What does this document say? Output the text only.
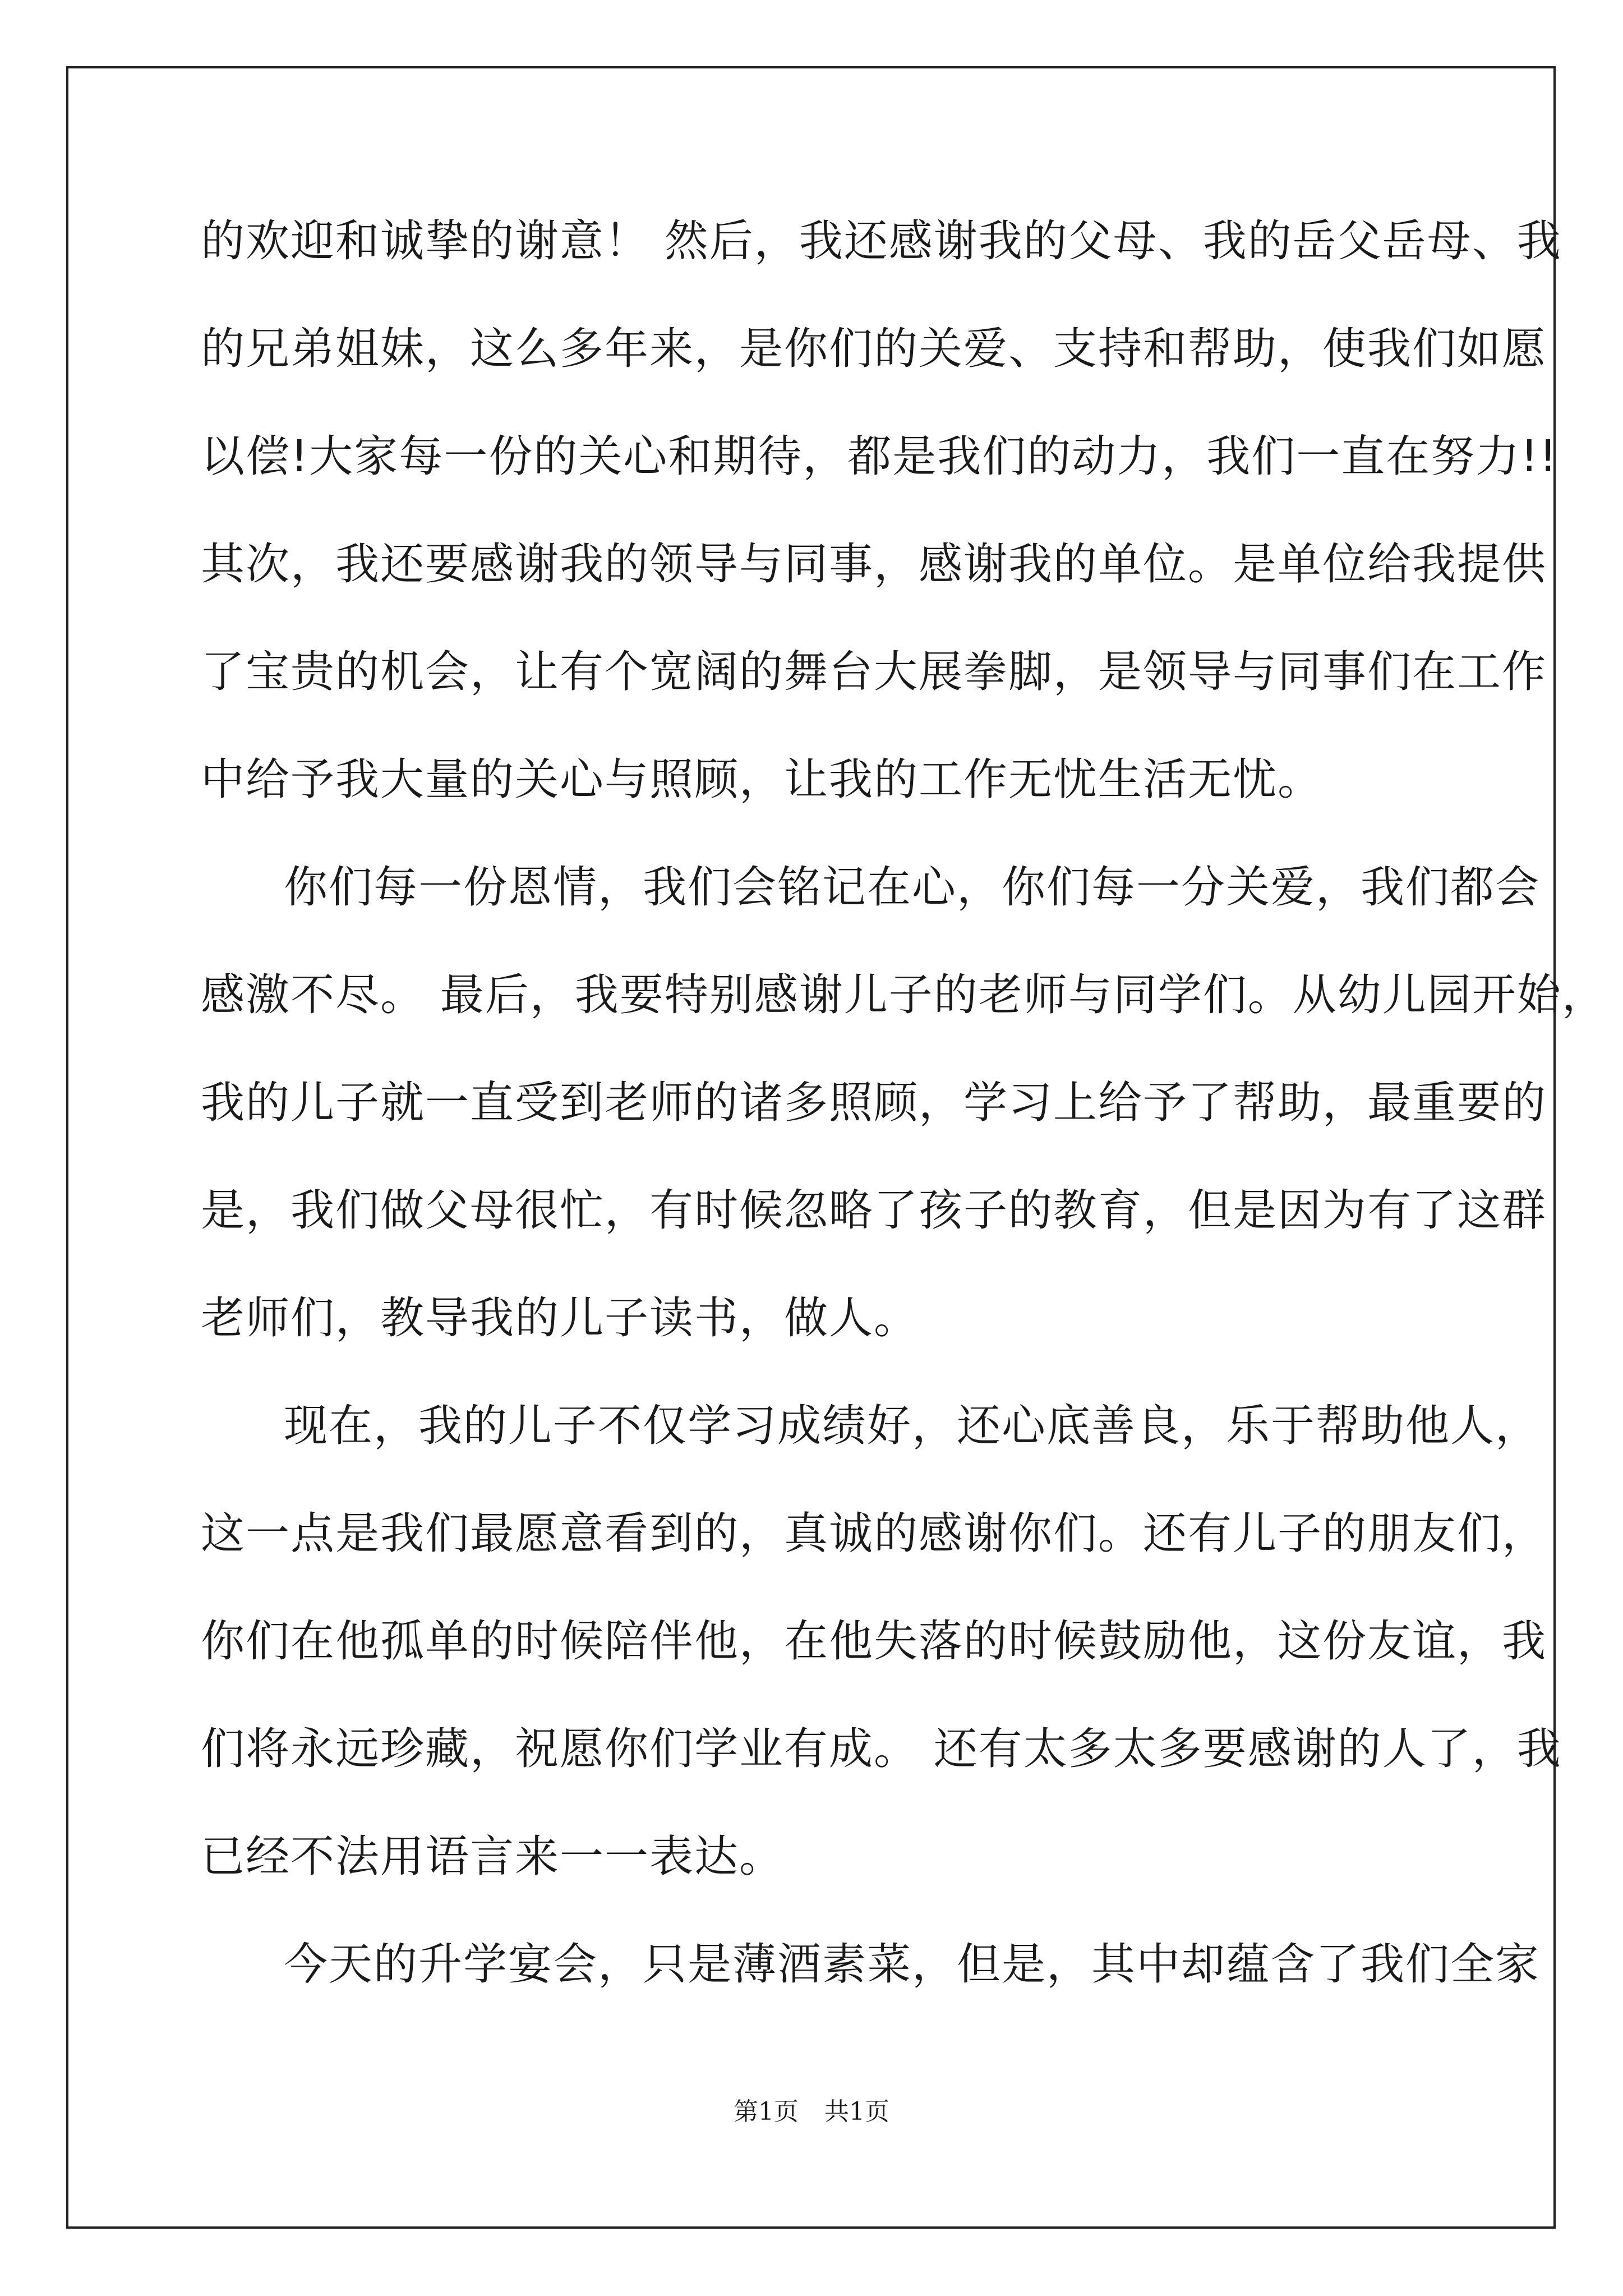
的欢迎和诚挚的谢意！ 然后，我还感谢我的父母、我的岳父岳母、我
的兄弟姐妹，这么多年来，是你们的关爱、支持和帮助，使我们如愿
以偿!大家每一份的关心和期待，都是我们的动力，我们一直在努力!!
其次，我还要感谢我的领导与同事，感谢我的单位。是单位给我提供
了宝贵的机会，让有个宽阔的舞台大展拳脚，是领导与同事们在工作
中给予我大量的关心与照顾，让我的工作无忧生活无忧。
你们每一份恩情，我们会铭记在心，你们每一分关爱，我们都会
感激不尽。 最后，我要特别感谢儿子的老师与同学们。从幼儿园开始，
我的儿子就一直受到老师的诸多照顾，学习上给予了帮助，最重要的
是，我们做父母很忙，有时候忽略了孩子的教育，但是因为有了这群
老师们，教导我的儿子读书，做人。
现在，我的儿子不仅学习成绩好，还心底善良，乐于帮助他人，
这一点是我们最愿意看到的，真诚的感谢你们。还有儿子的朋友们，
你们在他孤单的时候陪伴他，在他失落的时候鼓励他，这份友谊，我
们将永远珍藏，祝愿你们学业有成。 还有太多太多要感谢的人了，我
已经不法用语言来一一表达。
今天的升学宴会，只是薄酒素菜，但是，其中却蕴含了我们全家
第1页 共1页
